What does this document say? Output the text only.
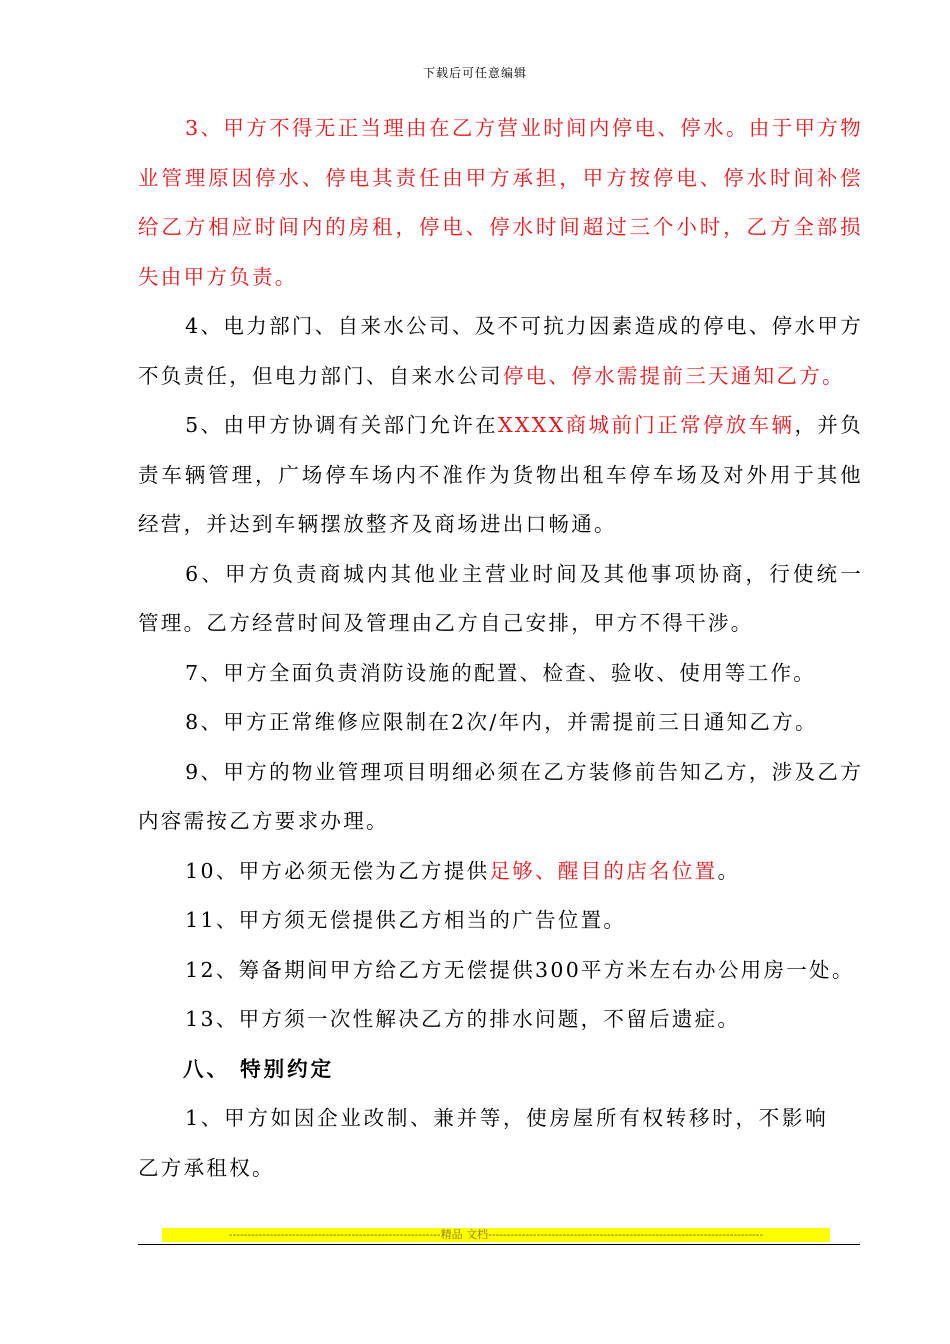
下载后可任意编辑

3、甲方不得无正当理由在乙方营业时间内停电、停水。由于甲方物业管理原因停水、停电其责任由甲方承担，甲方按停电、停水时间补偿给乙方相应时间内的房租，停电、停水时间超过三个小时，乙方全部损失由甲方负责。

4、电力部门、自来水公司、及不可抗力因素造成的停电、停水甲方不负责任，但电力部门、自来水公司停电、停水需提前三天通知乙方。

5、由甲方协调有关部门允许在XXXX商城前门正常停放车辆，并负责车辆管理，广场停车场内不准作为货物出租车停车场及对外用于其他经营，并达到车辆摆放整齐及商场进出口畅通。

6、甲方负责商城内其他业主营业时间及其他事项协商，行使统一 管理。乙方经营时间及管理由乙方自己安排，甲方不得干涉。

7、甲方全面负责消防设施的配置、检查、验收、使用等工作。

8、甲方正常维修应限制在2次/年内，并需提前三日通知乙方。

9、甲方的物业管理项目明细必须在乙方装修前告知乙方，涉及乙方内容需按乙方要求办理。

10、甲方必须无偿为乙方提供足够、醒目的店名位置。

11、甲方须无偿提供乙方相当的广告位置。

12、筹备期间甲方给乙方无偿提供300平方米左右办公用房一处。

13、甲方须一次性解决乙方的排水问题，不留后遗症。

八、 特别约定

1、甲方如因企业改制、兼并等，使房屋所有权转移时，不影响乙方承租权。

---------------------------------------------------------精品 文档--------------------------------------------------------------------------
